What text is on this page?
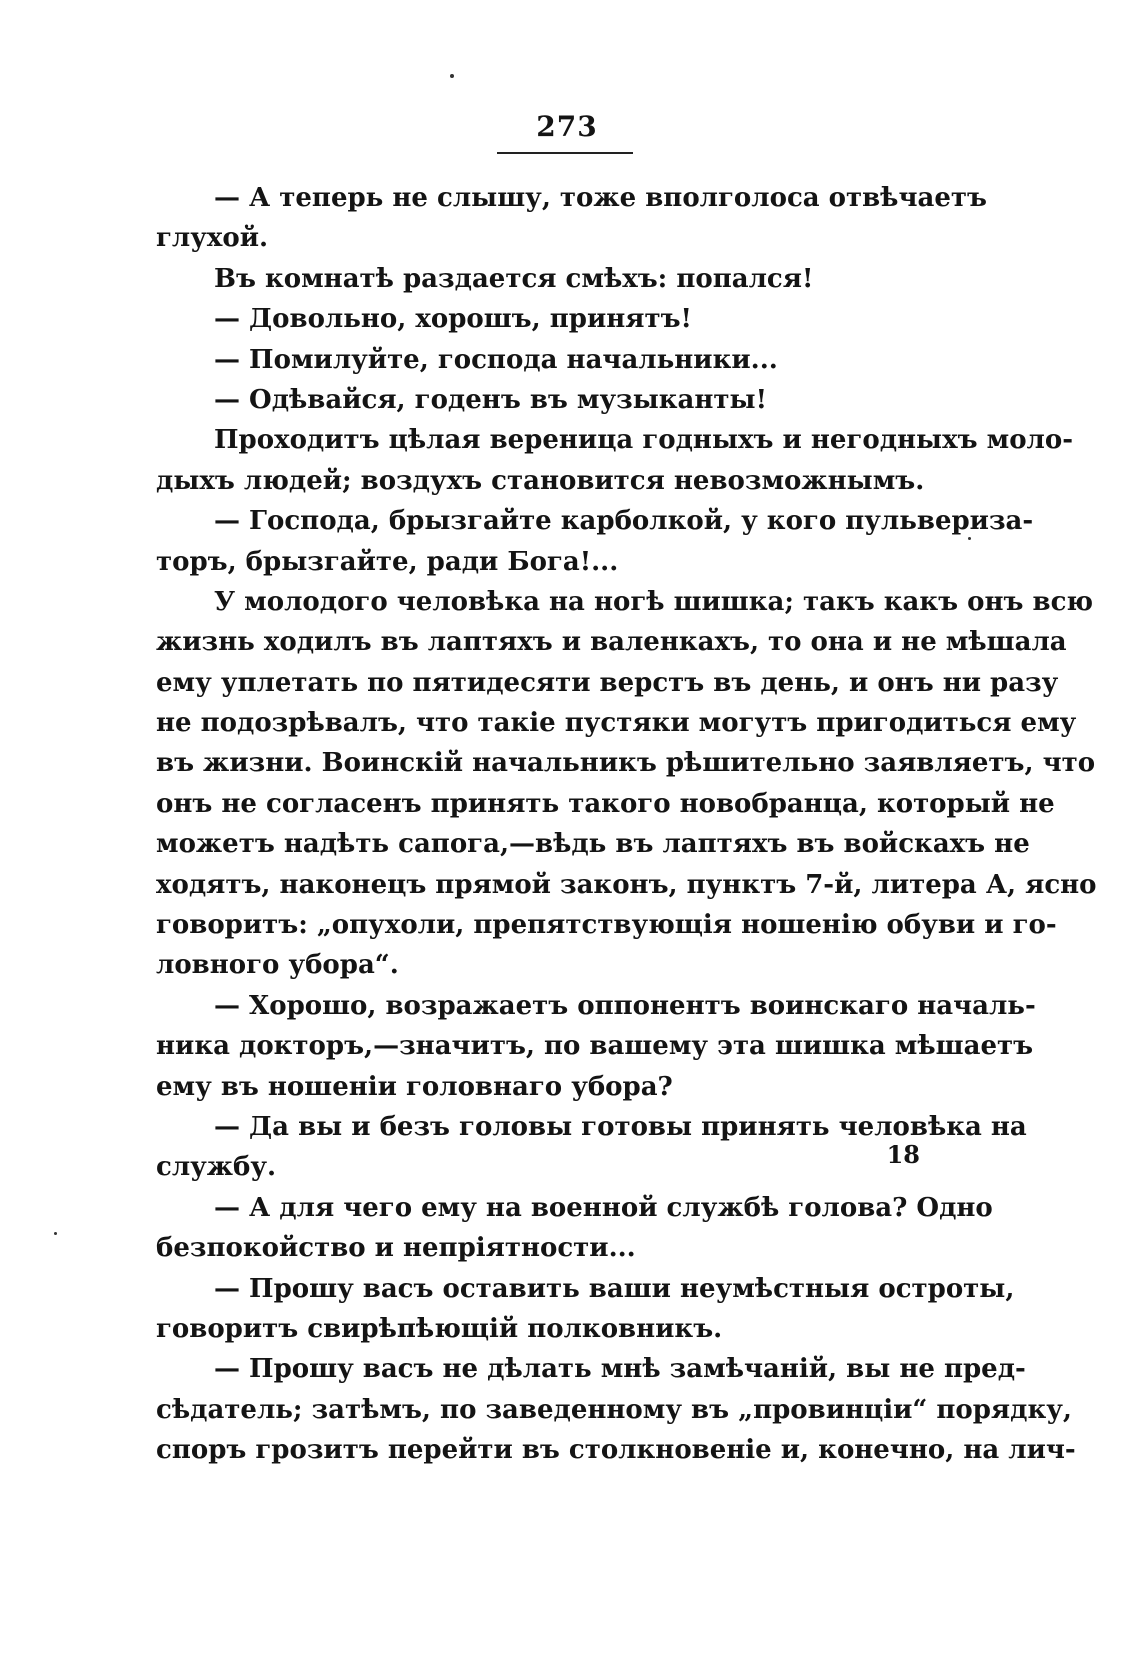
273
— А теперь не слышу, тоже вполголоса отвѣчаетъ
глухой.
Въ комнатѣ раздается смѣхъ: попался!
— Довольно, хорошъ, принятъ!
— Помилуйте, господа начальники...
— Одѣвайся, годенъ въ музыканты!
Проходитъ цѣлая вереница годныхъ и негодныхъ моло-
дыхъ людей; воздухъ становится невозможнымъ.
— Господа, брызгайте карболкой, у кого пульвериза-
торъ, брызгайте, ради Бога!...
У молодого человѣка на ногѣ шишка; такъ какъ онъ всю
жизнь ходилъ въ лаптяхъ и валенкахъ, то она и не мѣшала
ему уплетать по пятидесяти верстъ въ день, и онъ ни разу
не подозрѣвалъ, что такіе пустяки могутъ пригодиться ему
въ жизни. Воинскій начальникъ рѣшительно заявляетъ, что
онъ не согласенъ принять такого новобранца, который не
можетъ надѣть сапога,—вѣдь въ лаптяхъ въ войскахъ не
ходятъ, наконецъ прямой законъ, пунктъ 7-й, литера А, ясно
говоритъ: „опухоли, препятствующія ношенію обуви и го-
ловного убора“.
— Хорошо, возражаетъ оппонентъ воинскаго началь-
ника докторъ,—значитъ, по вашему эта шишка мѣшаетъ
ему въ ношеніи головнаго убора?
— Да вы и безъ головы готовы принять человѣка на
службу.
— А для чего ему на военной службѣ голова? Одно
безпокойство и непріятности...
— Прошу васъ оставить ваши неумѣстныя остроты,
говоритъ свирѣпѣющій полковникъ.
— Прошу васъ не дѣлать мнѣ замѣчаній, вы не пред-
сѣдатель; затѣмъ, по заведенному въ „провинціи“ порядку,
споръ грозитъ перейти въ столкновеніе и, конечно, на лич-
18
